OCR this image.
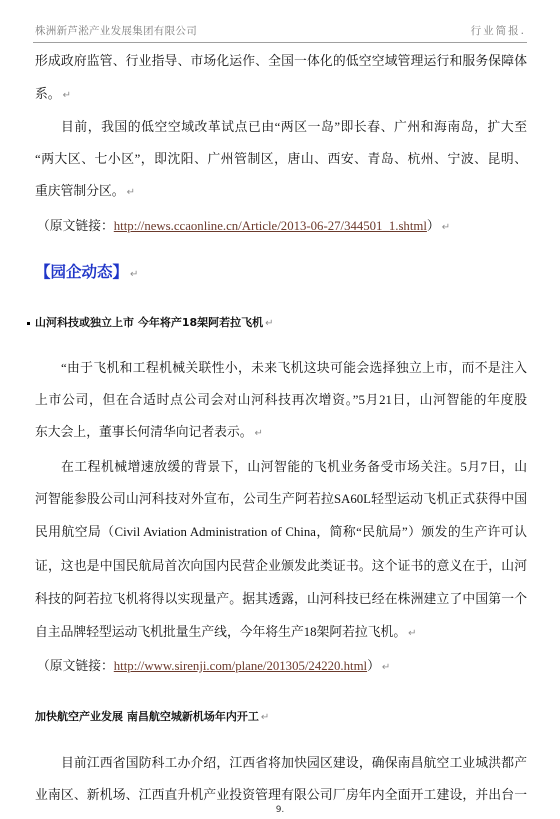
株洲新芦淞产业发展集团有限公司	行业简报.
形成政府监管、行业指导、市场化运作、全国一体化的低空空域管理运行和服务保障体
系。 ↵
目前，我国的低空空域改革试点已由“两区一岛”即长春、广州和海南岛，扩大至
“两大区、七小区”，即沈阳、广州管制区，唐山、西安、青岛、杭州、宁波、昆明、
重庆管制分区。 ↵
（原文链接：http://news.ccaonline.cn/Article/2013-06-27/344501_1.shtml） ↵
【园企动态】 ↵
山河科技或独立上市 今年将产18架阿若拉飞机 ↵
“由于飞机和工程机械关联性小，未来飞机这块可能会选择独立上市，而不是注入
上市公司，但在合适时点公司会对山河科技再次增资。”5月21日，山河智能的年度股
东大会上，董事长何清华向记者表示。 ↵
在工程机械增速放缓的背景下，山河智能的飞机业务备受市场关注。5月7日，山
河智能参股公司山河科技对外宣布，公司生产阿若拉SA60L轻型运动飞机正式获得中国
民用航空局（Civil Aviation Administration of China，简称“民航局”）颁发的生产许可认
证，这也是中国民航局首次向国内民营企业颁发此类证书。这个证书的意义在于，山河
科技的阿若拉飞机将得以实现量产。据其透露，山河科技已经在株洲建立了中国第一个
自主品牌轻型运动飞机批量生产线，今年将生产18架阿若拉飞机。 ↵
（原文链接：http://www.sirenji.com/plane/201305/24220.html） ↵
加快航空产业发展 南昌航空城新机场年内开工 ↵
目前江西省国防科工办介绍，江西省将加快园区建设，确保南昌航空工业城洪都产
业南区、新机场、江西直升机产业投资管理有限公司厂房年内全面开工建设，并出台一
9.
